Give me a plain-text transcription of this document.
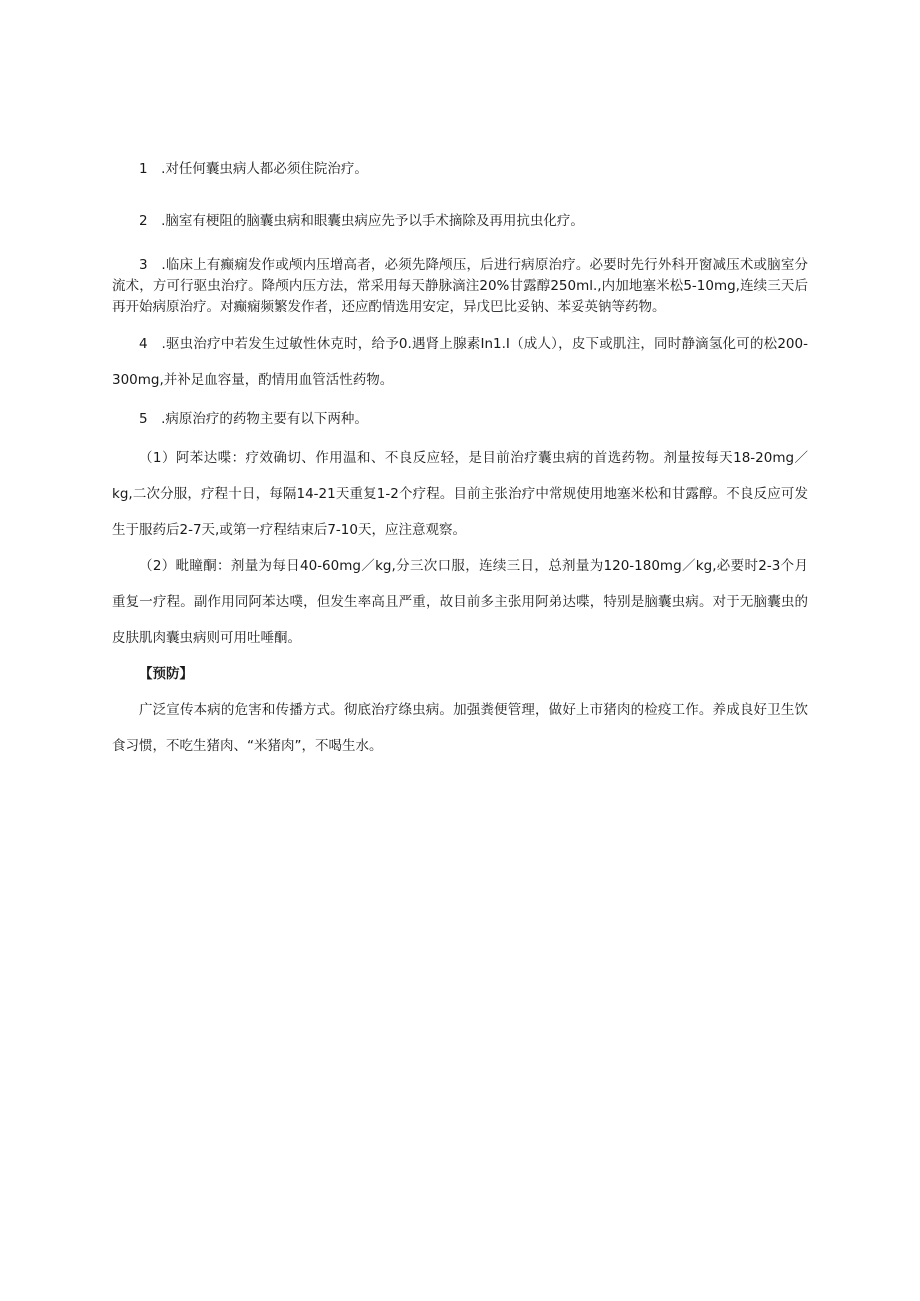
1　.对任何囊虫病人都必须住院治疗。

2　.脑室有梗阻的脑囊虫病和眼囊虫病应先予以手术摘除及再用抗虫化疗。

3　.临床上有癫痫发作或颅内压增高者，必须先降颅压，后进行病原治疗。必要时先行外科开窗减压术或脑室分流术，方可行驱虫治疗。降颅内压方法，常采用每天静脉滴注20%甘露醇250ml.,内加地塞米松5-10mg,连续三天后再开始病原治疗。对癫痫频繁发作者，还应酌情选用安定，异戊巴比妥钠、苯妥英钠等药物。

4　.驱虫治疗中若发生过敏性休克时，给予0.遇肾上腺素In1.I（成人），皮下或肌注，同时静滴氢化可的松200-300mg,并补足血容量，酌情用血管活性药物。

5　.病原治疗的药物主要有以下两种。

（1）阿苯达喋：疗效确切、作用温和、不良反应轻，是目前治疗囊虫病的首选药物。剂量按每天18-20mg／kg,二次分服，疗程十日，每隔14-21天重复1-2个疗程。目前主张治疗中常规使用地塞米松和甘露醇。不良反应可发生于服药后2-7天,或第一疗程结束后7-10天，应注意观察。

（2）毗瞳酮：剂量为每日40-60mg／kg,分三次口服，连续三日，总剂量为120-180mg／kg,必要时2-3个月重复一疗程。副作用同阿苯达噗，但发生率高且严重，故目前多主张用阿弟达喋，特别是脑囊虫病。对于无脑囊虫的皮肤肌肉囊虫病则可用吐唾酮。

【预防】

广泛宣传本病的危害和传播方式。彻底治疗绦虫病。加强粪便管理，做好上市猪肉的检疫工作。养成良好卫生饮食习惯，不吃生猪肉、“米猪肉”，不喝生水。
